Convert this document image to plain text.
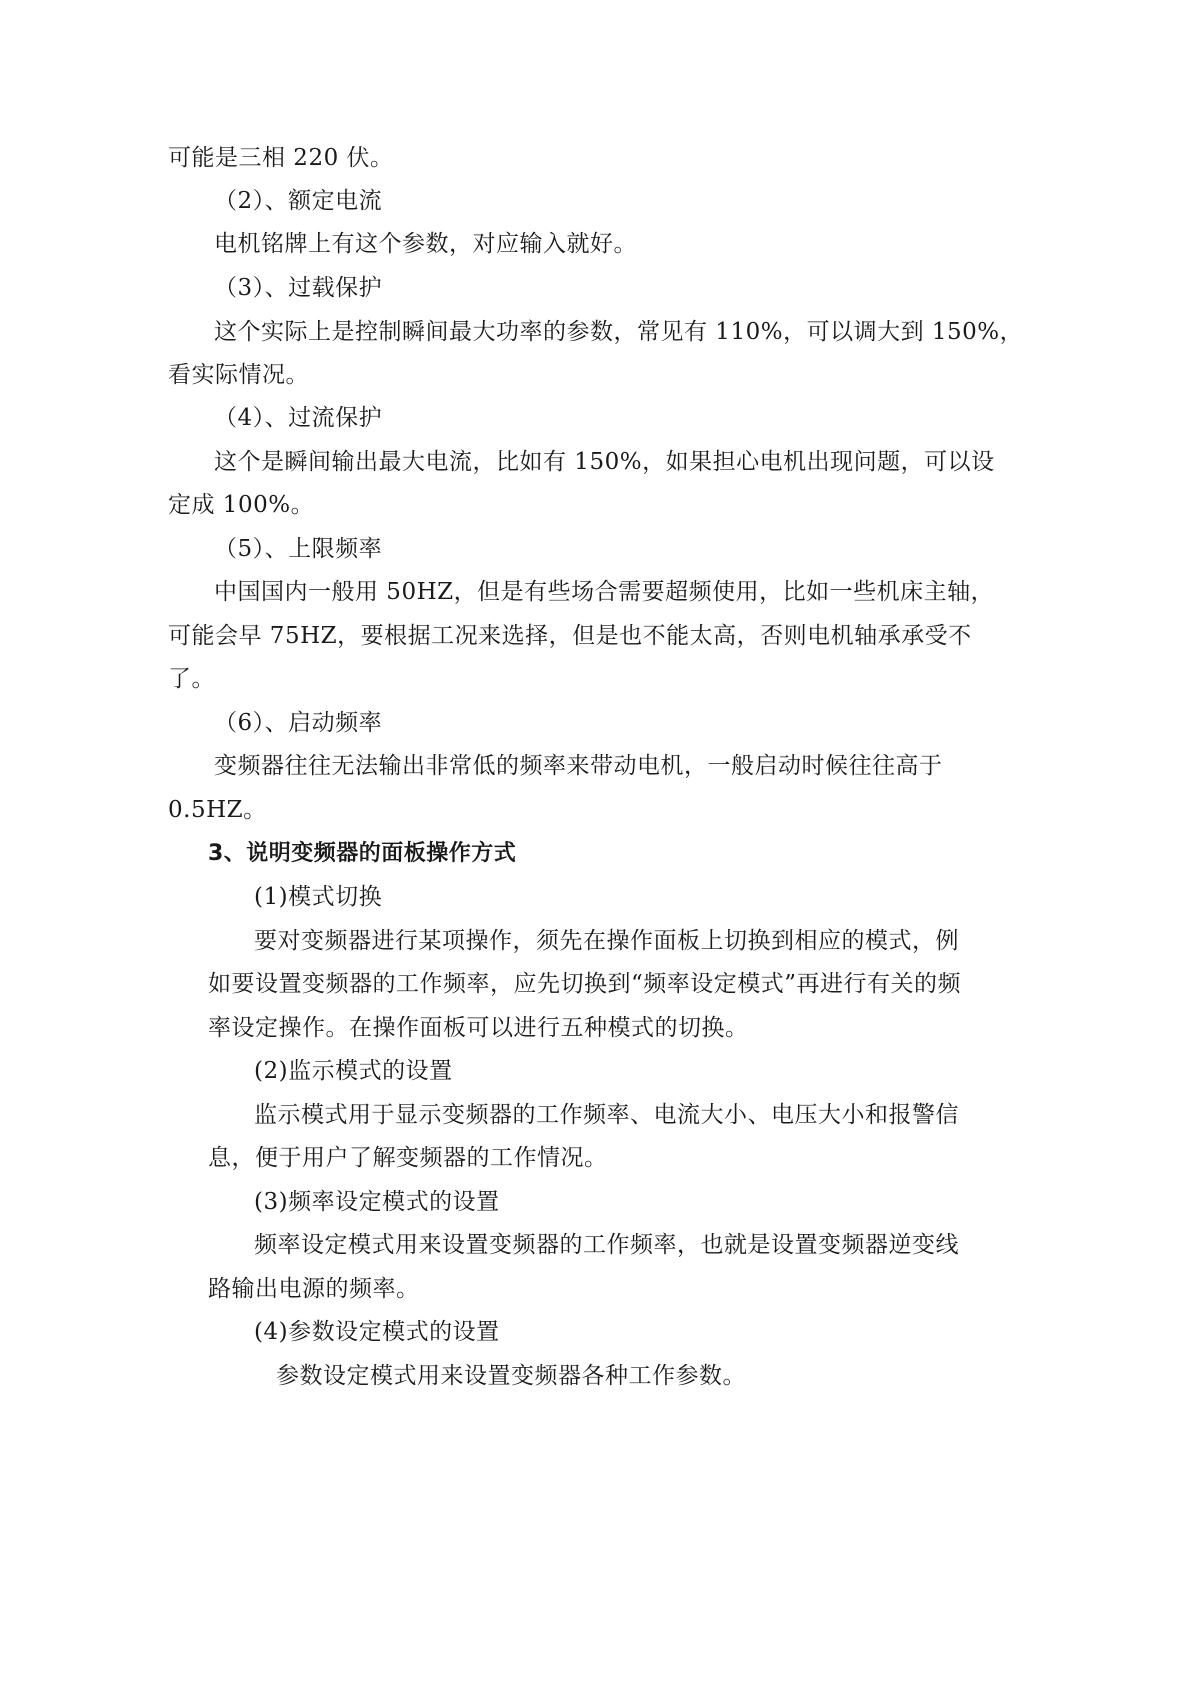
可能是三相 220 伏。
（2）、额定电流
电机铭牌上有这个参数，对应输入就好。
（3）、过载保护
这个实际上是控制瞬间最大功率的参数，常见有 110%，可以调大到 150%，
看实际情况。
（4）、过流保护
这个是瞬间输出最大电流，比如有 150%，如果担心电机出现问题，可以设
定成 100%。
（5）、上限频率
中国国内一般用 50HZ，但是有些场合需要超频使用，比如一些机床主轴，
可能会早 75HZ，要根据工况来选择，但是也不能太高，否则电机轴承承受不
了。
（6）、启动频率
变频器往往无法输出非常低的频率来带动电机，一般启动时候往往高于
0.5HZ。
3、说明变频器的面板操作方式
(1)模式切换
要对变频器进行某项操作，须先在操作面板上切换到相应的模式，例
如要设置变频器的工作频率，应先切换到“频率设定模式”再进行有关的频
率设定操作。在操作面板可以进行五种模式的切换。
(2)监示模式的设置
监示模式用于显示变频器的工作频率、电流大小、电压大小和报警信
息，便于用户了解变频器的工作情况。
(3)频率设定模式的设置
频率设定模式用来设置变频器的工作频率，也就是设置变频器逆变线
路输出电源的频率。
(4)参数设定模式的设置
参数设定模式用来设置变频器各种工作参数。
